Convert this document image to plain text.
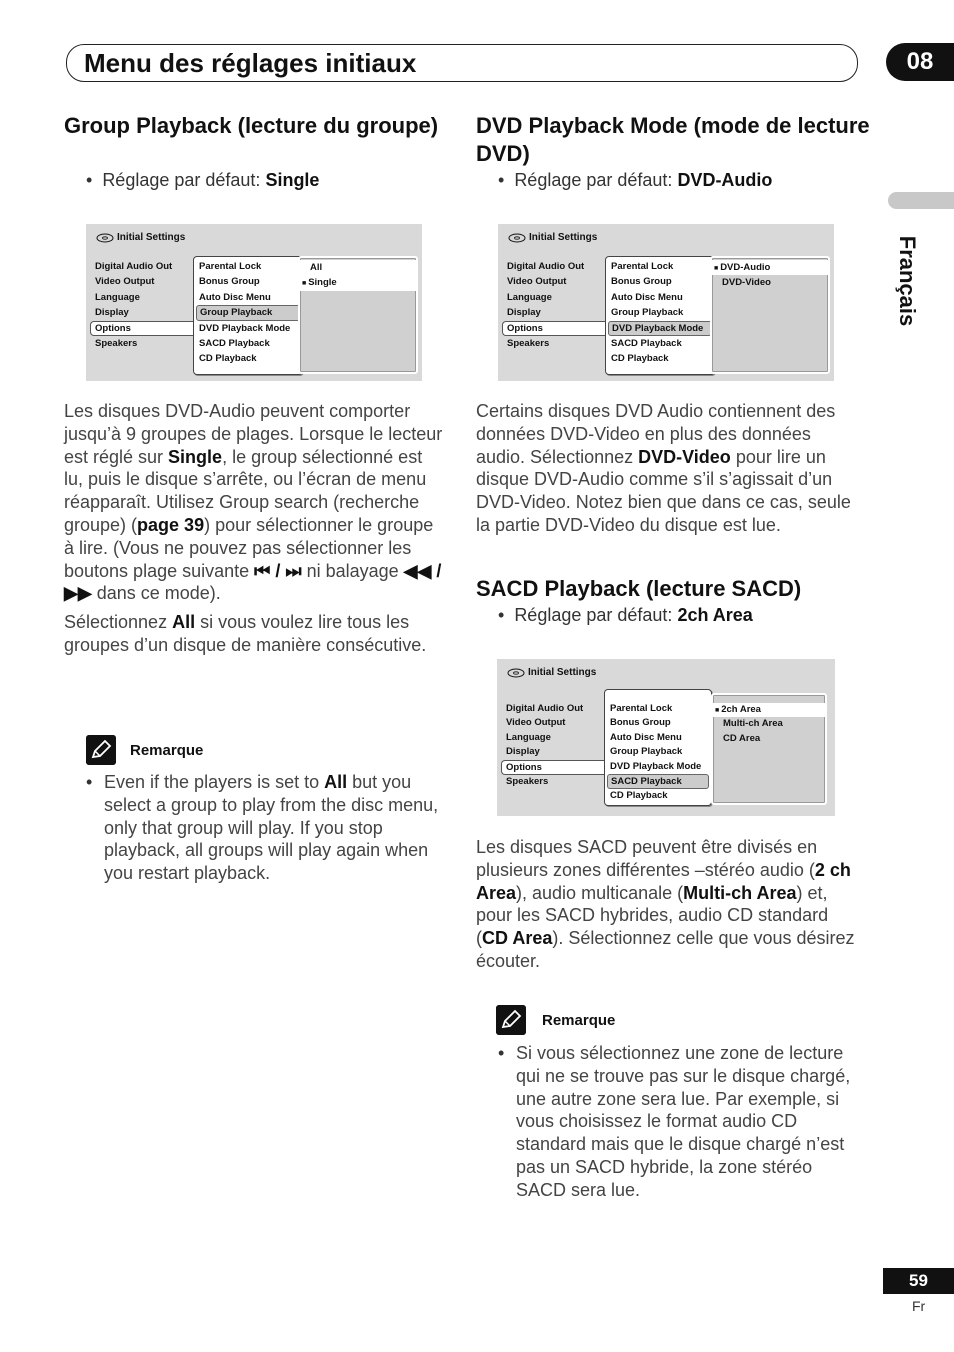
Menu des réglages initiaux	08
Français
Group Playback (lecture du groupe)
•  Réglage par défaut: Single
Initial Settings
Digital Audio Out
Video Output
Language
Display
Options
Speakers
Parental Lock
Bonus Group
Auto Disc Menu
Group Playback
DVD Playback Mode
SACD Playback
CD Playback
All
■ Single

Les disques DVD-Audio peuvent comporter jusqu’à 9 groupes de plages. Lorsque le lecteur est réglé sur Single, le group sélectionné est lu, puis le disque s’arrête, ou l’écran de menu réapparaît. Utilisez Group search (recherche groupe) (page 39) pour sélectionner le groupe à lire. (Vous ne pouvez pas sélectionner les boutons plage suivante ⏮ / ⏭ ni balayage ◀◀ / ▶▶ dans ce mode).

Sélectionnez All si vous voulez lire tous les groupes d’un disque de manière consécutive.

Remarque
• Even if the players is set to All but you select a group to play from the disc menu, only that group will play. If you stop playback, all groups will play again when you restart playback.
DVD Playback Mode (mode de lecture DVD)
•  Réglage par défaut: DVD-Audio
Initial Settings
Digital Audio Out
Video Output
Language
Display
Options
Speakers
Parental Lock
Bonus Group
Auto Disc Menu
Group Playback
DVD Playback Mode
SACD Playback
CD Playback
■ DVD-Audio
DVD-Video

Certains disques DVD Audio contiennent des données DVD-Video en plus des données audio. Sélectionnez DVD-Video pour lire un disque DVD-Audio comme s’il s’agissait d’un DVD-Video. Notez bien que dans ce cas, seule la partie DVD-Video du disque est lue.

SACD Playback (lecture SACD)
•  Réglage par défaut: 2ch Area
Initial Settings
Digital Audio Out
Video Output
Language
Display
Options
Speakers
Parental Lock
Bonus Group
Auto Disc Menu
Group Playback
DVD Playback Mode
SACD Playback
CD Playback
■ 2ch Area
Multi-ch Area
CD Area

Les disques SACD peuvent être divisés en plusieurs zones différentes –stéréo audio (2 ch Area), audio multicanale (Multi-ch Area) et, pour les SACD hybrides, audio CD standard (CD Area). Sélectionnez celle que vous désirez écouter.

Remarque
• Si vous sélectionnez une zone de lecture qui ne se trouve pas sur le disque chargé, une autre zone sera lue. Par exemple, si vous choisissez le format audio CD standard mais que le disque chargé n’est pas un SACD hybride, la zone stéréo SACD sera lue.
59
Fr
